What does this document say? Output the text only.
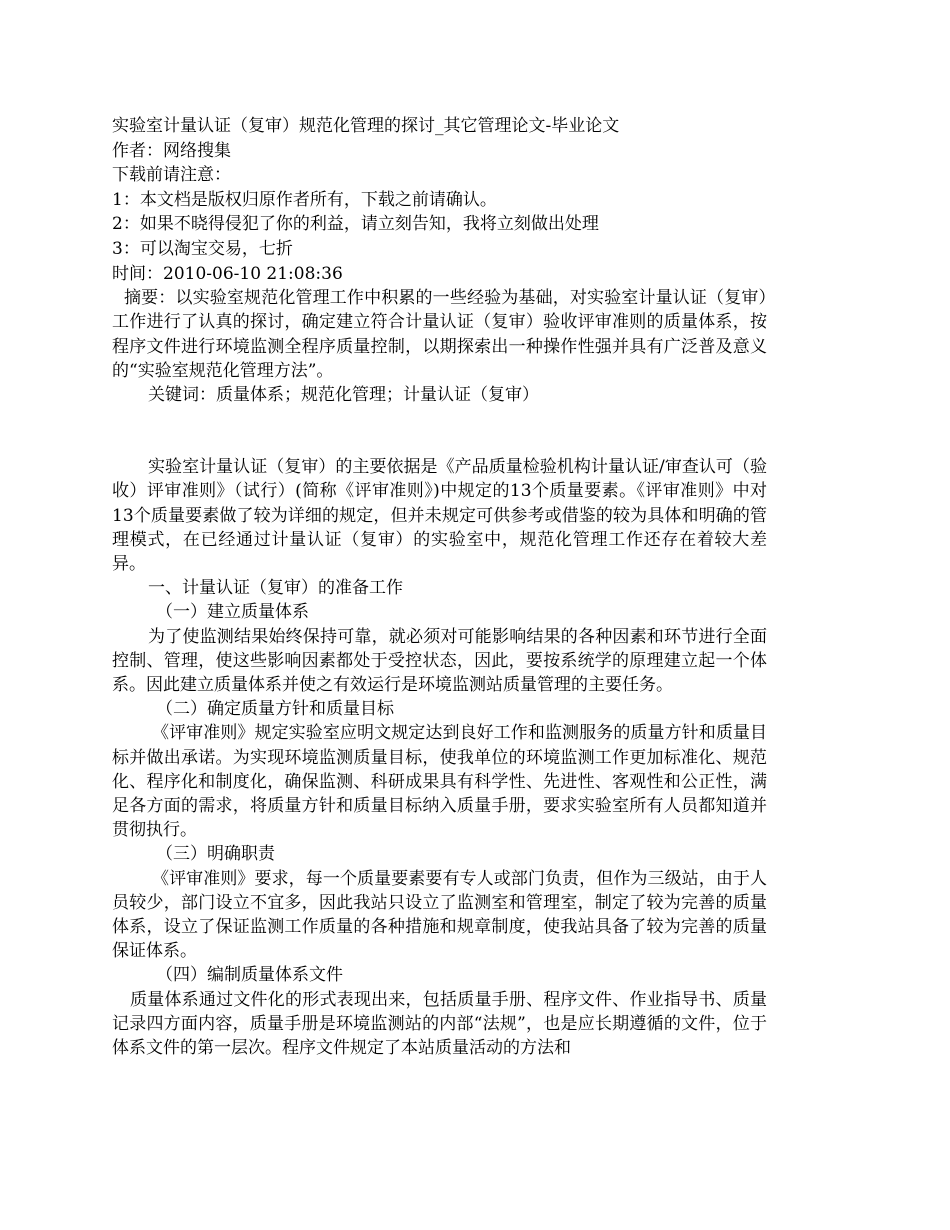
实验室计量认证（复审）规范化管理的探讨_其它管理论文-毕业论文

作者：网络搜集

下载前请注意：

1：本文档是版权归原作者所有，下载之前请确认。

2：如果不晓得侵犯了你的利益，请立刻告知，我将立刻做出处理

3：可以淘宝交易，七折

时间：2010-06-10 21:08:36

摘要：以实验室规范化管理工作中积累的一些经验为基础，对实验室计量认证（复审）工作进行了认真的探讨，确定建立符合计量认证（复审）验收评审准则的质量体系，按程序文件进行环境监测全程序质量控制，以期探索出一种操作性强并具有广泛普及意义的“实验室规范化管理方法”。

关键词：质量体系；规范化管理；计量认证（复审）

实验室计量认证（复审）的主要依据是《产品质量检验机构计量认证/审查认可（验收）评审准则》（试行）(简称《评审准则》)中规定的13个质量要素。《评审准则》中对13个质量要素做了较为详细的规定，但并未规定可供参考或借鉴的较为具体和明确的管理模式，在已经通过计量认证（复审）的实验室中，规范化管理工作还存在着较大差异。

一、计量认证（复审）的准备工作

（一）建立质量体系

为了使监测结果始终保持可靠，就必须对可能影响结果的各种因素和环节进行全面控制、管理，使这些影响因素都处于受控状态，因此，要按系统学的原理建立起一个体系。因此建立质量体系并使之有效运行是环境监测站质量管理的主要任务。

（二）确定质量方针和质量目标

《评审准则》规定实验室应明文规定达到良好工作和监测服务的质量方针和质量目标并做出承诺。为实现环境监测质量目标，使我单位的环境监测工作更加标准化、规范化、程序化和制度化，确保监测、科研成果具有科学性、先进性、客观性和公正性，满足各方面的需求，将质量方针和质量目标纳入质量手册，要求实验室所有人员都知道并贯彻执行。

（三）明确职责

《评审准则》要求，每一个质量要素要有专人或部门负责，但作为三级站，由于人员较少，部门设立不宜多，因此我站只设立了监测室和管理室，制定了较为完善的质量体系，设立了保证监测工作质量的各种措施和规章制度，使我站具备了较为完善的质量保证体系。

（四）编制质量体系文件

质量体系通过文件化的形式表现出来，包括质量手册、程序文件、作业指导书、质量记录四方面内容，质量手册是环境监测站的内部“法规”，也是应长期遵循的文件，位于体系文件的第一层次。程序文件规定了本站质量活动的方法和
